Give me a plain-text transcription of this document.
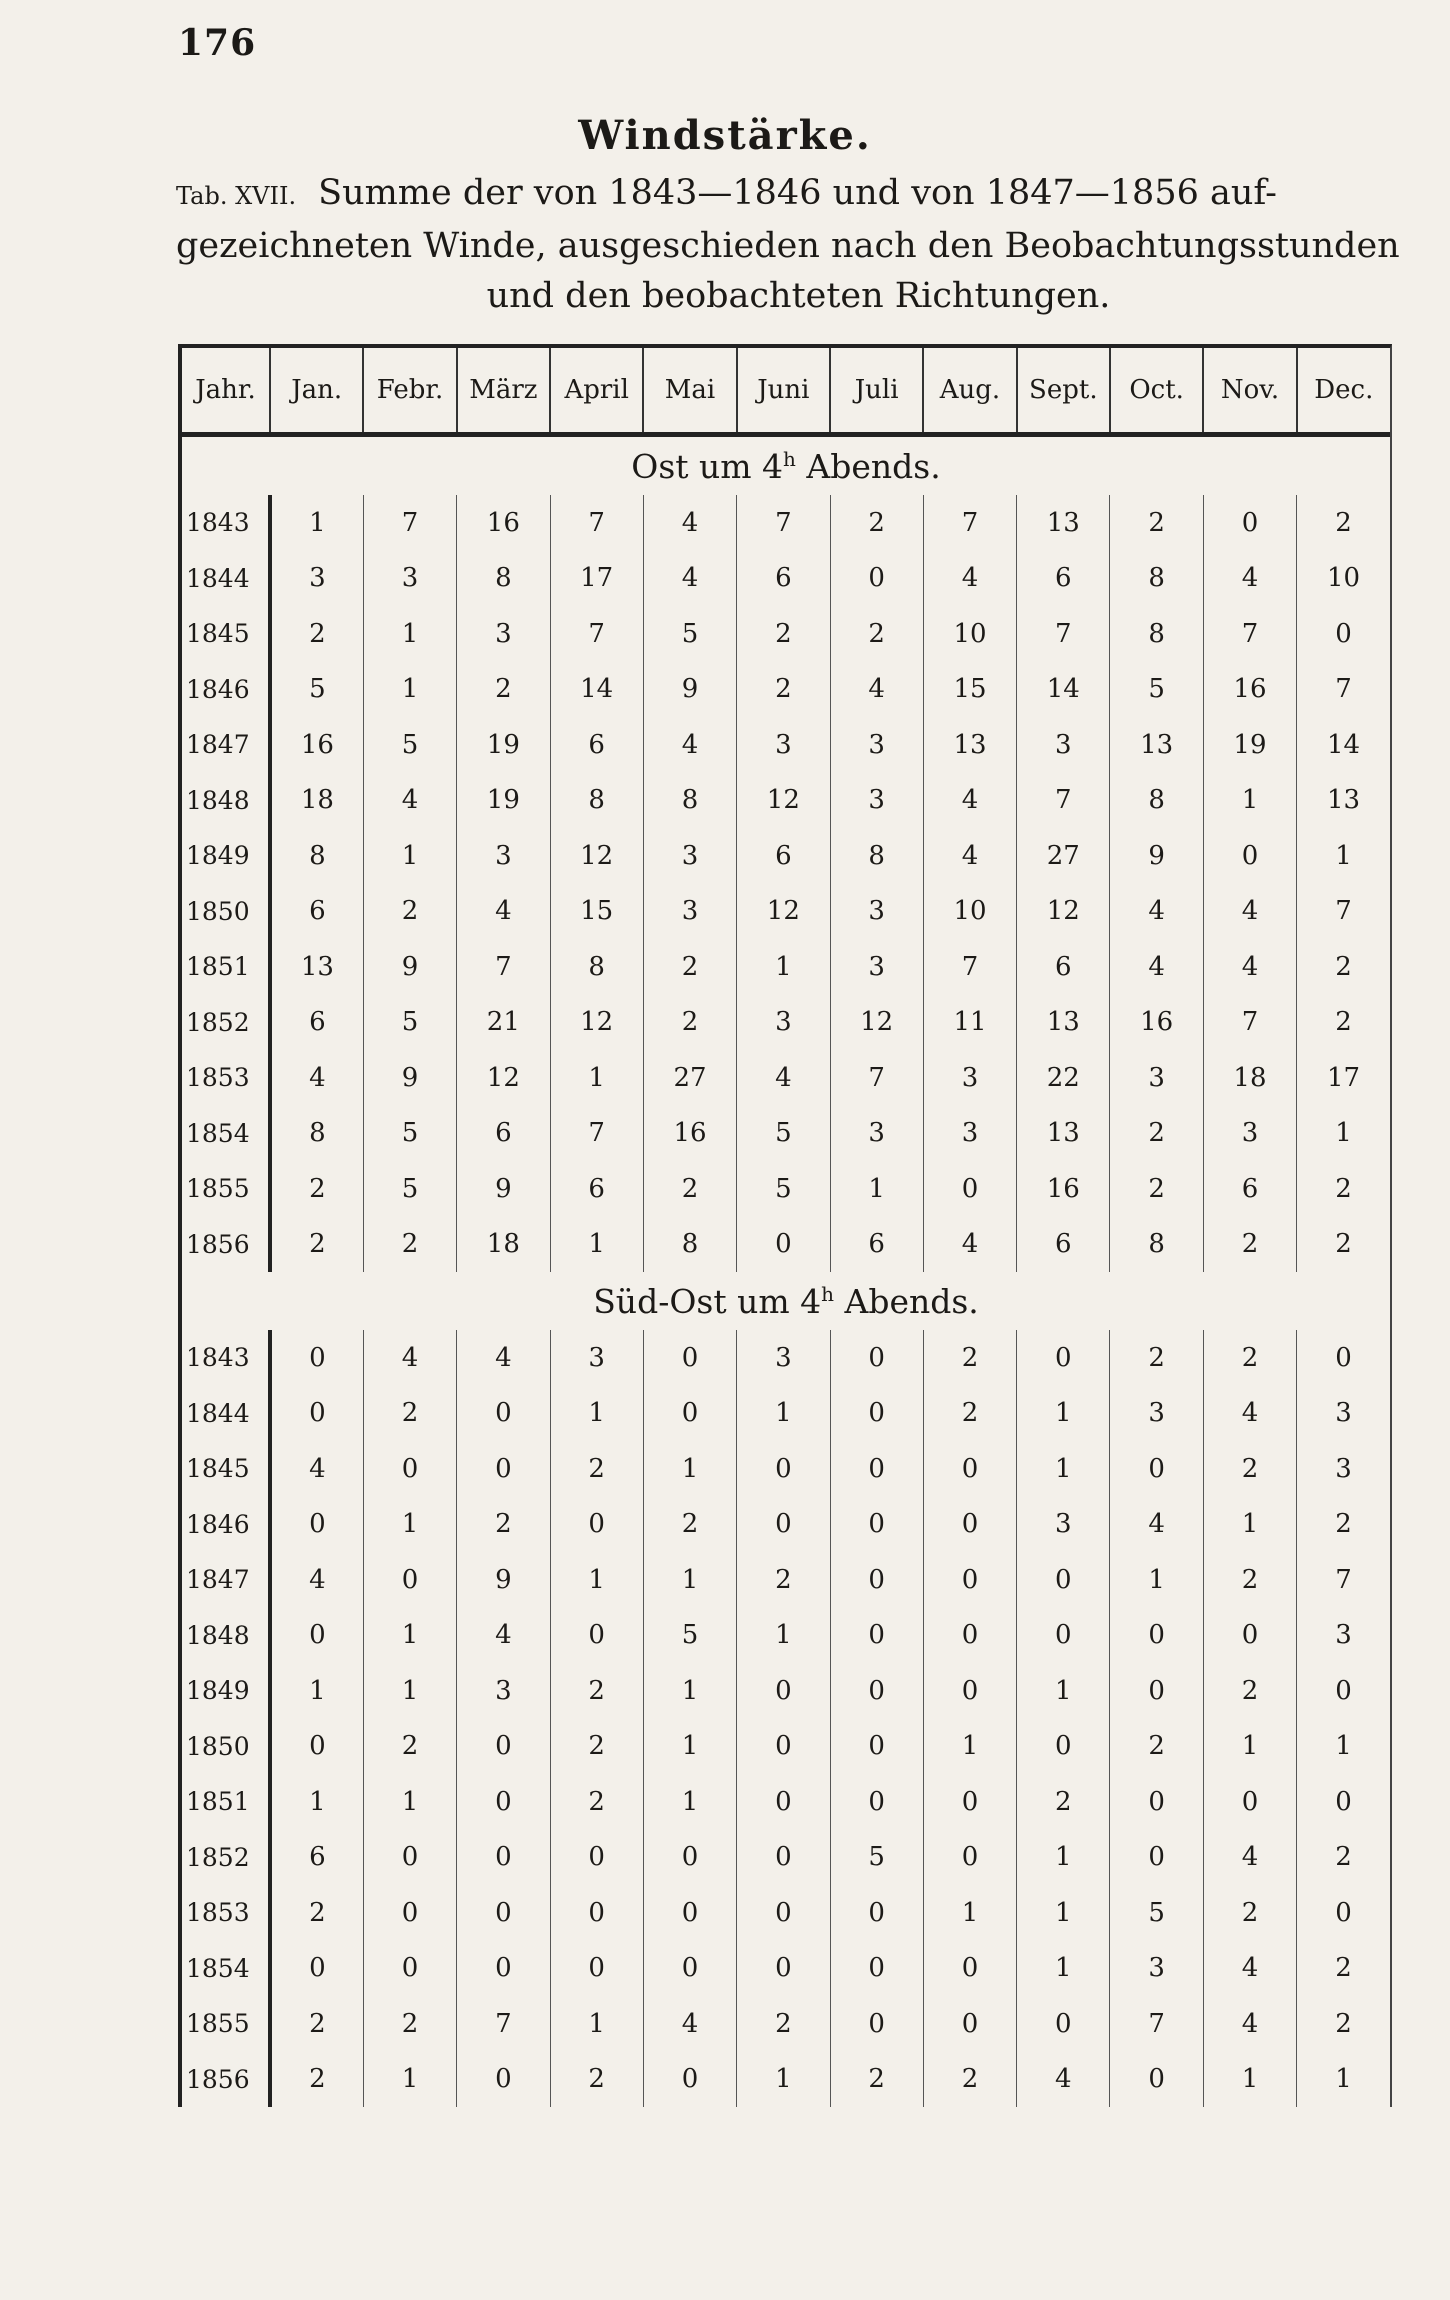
176
Windstärke.
Tab. XVII. Summe der von 1843—1846 und von 1847—1856 auf-
gezeichneten Winde, ausgeschieden nach den Beobachtungsstunden
und den beobachteten Richtungen.
Jahr.	Jan.	Febr.	März	April	Mai	Juni	Juli	Aug.	Sept.	Oct.	Nov.	Dec.
Ost um 4$^h$ Abends.												
1843	1	7	16	7	4	7	2	7	13	2	0	2
1844	3	3	8	17	4	6	0	4	6	8	4	10
1845	2	1	3	7	5	2	2	10	7	8	7	0
1846	5	1	2	14	9	2	4	15	14	5	16	7
1847	16	5	19	6	4	3	3	13	3	13	19	14
1848	18	4	19	8	8	12	3	4	7	8	1	13
1849	8	1	3	12	3	6	8	4	27	9	0	1
1850	6	2	4	15	3	12	3	10	12	4	4	7
1851	13	9	7	8	2	1	3	7	6	4	4	2
1852	6	5	21	12	2	3	12	11	13	16	7	2
1853	4	9	12	1	27	4	7	3	22	3	18	17
1854	8	5	6	7	16	5	3	3	13	2	3	1
1855	2	5	9	6	2	5	1	0	16	2	6	2
1856	2	2	18	1	8	0	6	4	6	8	2	2
Süd-Ost um 4$^h$ Abends.												
1843	0	4	4	3	0	3	0	2	0	2	2	0
1844	0	2	0	1	0	1	0	2	1	3	4	3
1845	4	0	0	2	1	0	0	0	1	0	2	3
1846	0	1	2	0	2	0	0	0	3	4	1	2
1847	4	0	9	1	1	2	0	0	0	1	2	7
1848	0	1	4	0	5	1	0	0	0	0	0	3
1849	1	1	3	2	1	0	0	0	1	0	2	0
1850	0	2	0	2	1	0	0	1	0	2	1	1
1851	1	1	0	2	1	0	0	0	2	0	0	0
1852	6	0	0	0	0	0	5	0	1	0	4	2
1853	2	0	0	0	0	0	0	1	1	5	2	0
1854	0	0	0	0	0	0	0	0	1	3	4	2
1855	2	2	7	1	4	2	0	0	0	7	4	2
1856	2	1	0	2	0	1	2	2	4	0	1	1
